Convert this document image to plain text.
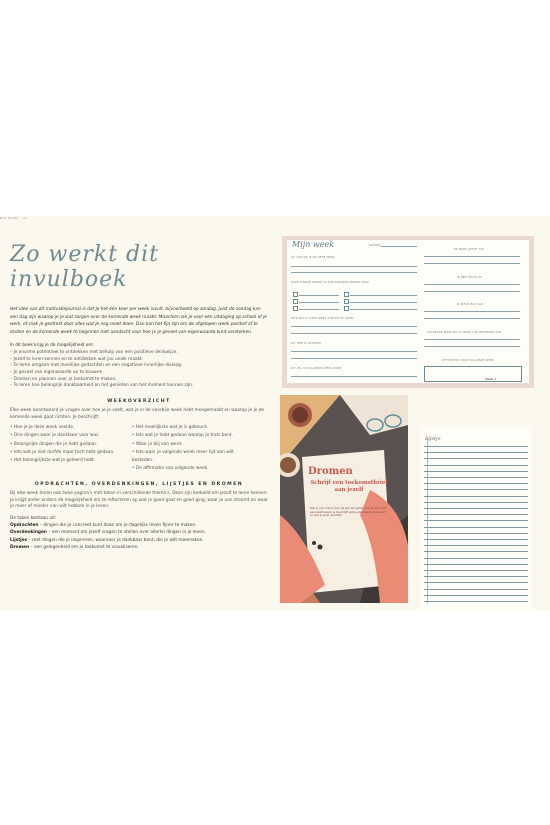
BIG BOOK · NL
Zo werkt dit invulboek

Het idee van dit motivatiejournal is dat je het één keer per week invult, bijvoorbeeld op zondag. Juist de zondag kan een dag zijn waarop je je wat zorgen over de komende week maakt. Misschien zie je voor een uitdaging op school of je werk, of raak je gestrest door alles wat je nog moet doen. Dan kan het fijn zijn om de afgelopen week positief af te sluiten en de komende week te beginnen met aandacht voor hoe je je gevoel van eigenwaarde kunt versterken.

In dit boek krijg je de mogelijkheid om:
– Je enorme potentieel te ontdekken met behulp van een positieve denkwijze.
– Jezelf te leren kennen en te ontdekken wat jou uniek maakt.
– Te leren omgaan met moeilijke gedachten en een negatieve innerlijke dialoog.
– Jo gevoel van eigenwaarde op te bouwen.
– Dromen en plannen voor je toekomst te maken.
– Te leren hoe belangrijk dankbaarheid en het genieten van het moment kunnen zijn.
WEEKOVERZICHT

Elke week beantwoord je vragen over hoe je je voelt, wat je in de voorbije week hebt meegemaakt en waarop je je de komende week gaat richten. Je beschrijft:

• Hoe je je deze week voelde.
• Drie dingen waar je dankbaar voor was.
• Belangrijke dingen die je hebt gedaan.
• Iets wat je niet durfde maar toch hebt gedaan.
• Het belangrijkste wat je geleerd hebt.
• Het moeilijkste wat je is gebeurd.
• Iets wat je hebt gedaan waarop je trots bent.
• Waar je blij van werd.
• Iets waar je volgende week meer tijd aan wilt besteden.
• De affirmatie van volgende week.
OPDRACHTEN, OVERDENKINGEN, LIJSTJES EN DROMEN

Bij elke week horen ook twee pagina's met taken in verschillende thema's. Deze zijn bedoeld om jezelf te leren kennen. Je krijgt onder andere de mogelijkheid om te reflecteren op wat je goed gaat en goed ging, waar je van droomt en waar je meer of minder van wilt hebben in je leven.

De taken bestaan uit:
Opdrachten – dingen die je concreet kunt doen om je dagelijks leven fijner te maken.
Overdenkingen – een moment om jezelf vragen te stellen over allerlei dingen in je leven.
Lijstjes – met dingen die je inspireren, waarvoor je dankbaar bent, die je wilt meemaken.
Dromen – een gelegenheid om je toekomst te visualiseren.
Mijn week	DATUM:
ZO VOELDE IK ME DEZE WEEK:
DEZE DINGEN WAREN IN MIJN ERVAREN ENORM GOED
IETS WAT IK DEZE WEEK DURFDE TE DOEN
DIT HEB IK GELEERD
DIT WIL IK VOLGENDE WEEK DOEN
DE MOEILIJKSTE TIJD
IK BEN TROTS OP
IK WERD BLIJ VAN
VOLGENDE WEEK WIL IK MEER TIJD BESTEDEN AAN
AFFIRMATIE VOOR VOLGENDE WEEK
Week 1
Dromen
Schrijf een toekomstbrief aan jezelf
Stel je voor dat je over vijf jaar terugkijkt. Schrijf een brief aan jezelf waarin je beschrijft wat je allemaal hebt bereikt en hoe je leven eruitziet.
Lijstje
